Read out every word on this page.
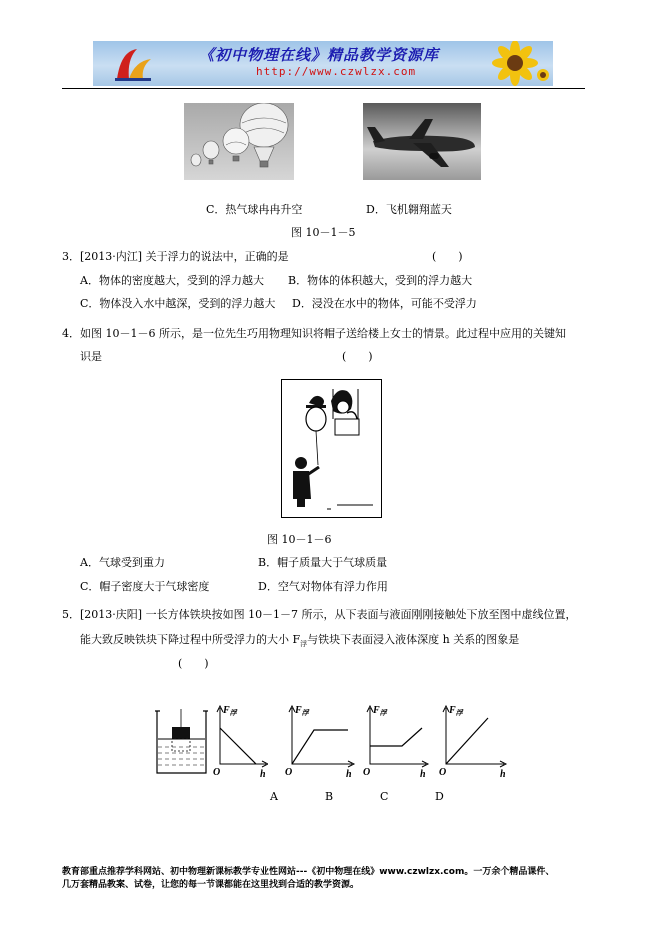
《初中物理在线》精品教学资源库
http://www.czwlzx.com
C．热气球冉冉升空	D．飞机翱翔蓝天
图 10－1－5
3．[2013·内江] 关于浮力的说法中，正确的是	(　　)
A．物体的密度越大，受到的浮力越大 B．物体的体积越大，受到的浮力越大
C．物体没入水中越深，受到的浮力越大 D．浸没在水中的物体，可能不受浮力
4．如图 10－1－6 所示，是一位先生巧用物理知识将帽子送给楼上女士的情景。此过程中应用的关键知
识是	(　　)
图 10－1－6
A．气球受到重力	B．帽子质量大于气球质量
C．帽子密度大于气球密度	D．空气对物体有浮力作用
5．[2013·庆阳] 一长方体铁块按如图 10－1－7 所示，从下表面与液面刚刚接触处下放至图中虚线位置，
能大致反映铁块下降过程中所受浮力的大小 $F_浮$与铁块下表面浸入液体深度 h 关系的图象是
(　　)
$F_浮$
O	h
$F_浮$
O	h
$F_浮$
O	h
$F_浮$
O	h
A	B	C	D
教育部重点推荐学科网站、初中物理新课标教学专业性网站---《初中物理在线》www.czwlzx.com。一万余个精品课件、
几万套精品教案、试卷，让您的每一节课都能在这里找到合适的教学资源。
